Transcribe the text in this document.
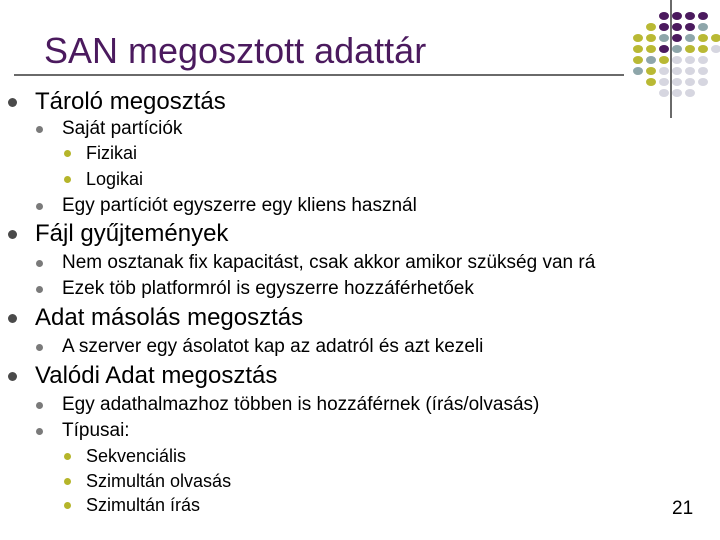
SAN megosztott adattár
Tároló megosztás
Saját partíciók
Fizikai
Logikai
Egy partíciót egyszerre egy kliens használ
Fájl gyűjtemények
Nem osztanak fix kapacitást, csak akkor amikor szükség van rá
Ezek töb platformról is egyszerre hozzáférhetőek
Adat másolás megosztás
A szerver egy ásolatot kap az adatról és azt kezeli
Valódi Adat megosztás
Egy adathalmazhoz többen is hozzáférnek (írás/olvasás)
Típusai:
Sekvenciális
Szimultán olvasás
Szimultán írás	21
